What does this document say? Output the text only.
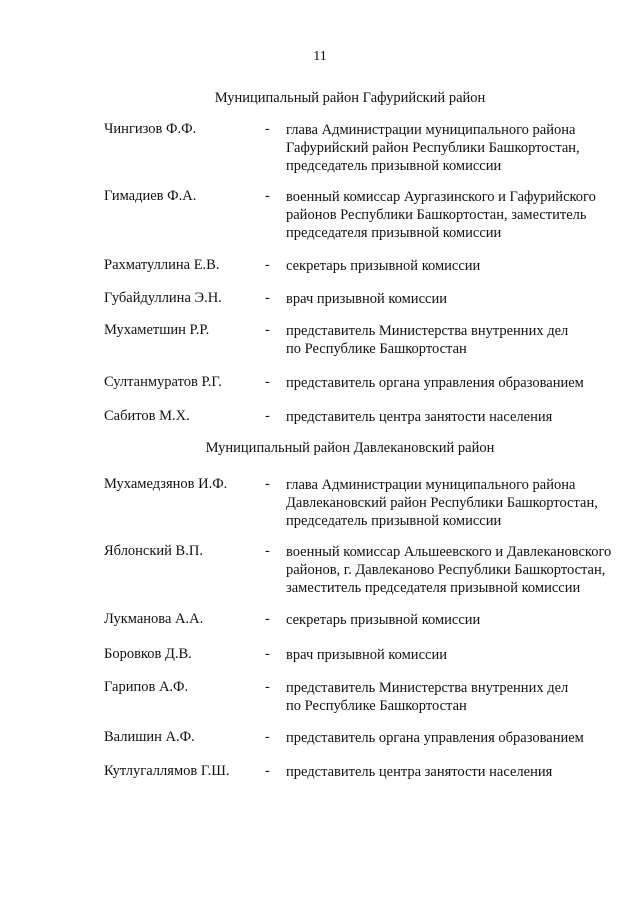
11
Муниципальный район Гафурийский район
Чингизов Ф.Ф.	- глава Администрации муниципального района
Гафурийский район Республики Башкортостан,
председатель призывной комиссии
Гимадиев Ф.А.	- военный комиссар Аургазинского и Гафурийского
районов Республики Башкортостан, заместитель
председателя призывной комиссии
Рахматуллина Е.В.	- секретарь призывной комиссии
Губайдуллина Э.Н.	- врач призывной комиссии
Мухаметшин Р.Р.	- представитель Министерства внутренних дел
по Республике Башкортостан
Султанмуратов Р.Г.	- представитель органа управления образованием
Сабитов М.Х.	- представитель центра занятости населения
Муниципальный район Давлекановский район
Мухамедзянов И.Ф.	- глава Администрации муниципального района
Давлекановский район Республики Башкортостан,
председатель призывной комиссии
Яблонский В.П.	- военный комиссар Альшеевского и Давлекановского
районов, г. Давлеканово Республики Башкортостан,
заместитель председателя призывной комиссии
Лукманова А.А.	- секретарь призывной комиссии
Боровков Д.В.	- врач призывной комиссии
Гарипов А.Ф.	- представитель Министерства внутренних дел
по Республике Башкортостан
Валишин А.Ф.	- представитель органа управления образованием
Кутлугаллямов Г.Ш. - представитель центра занятости населения
